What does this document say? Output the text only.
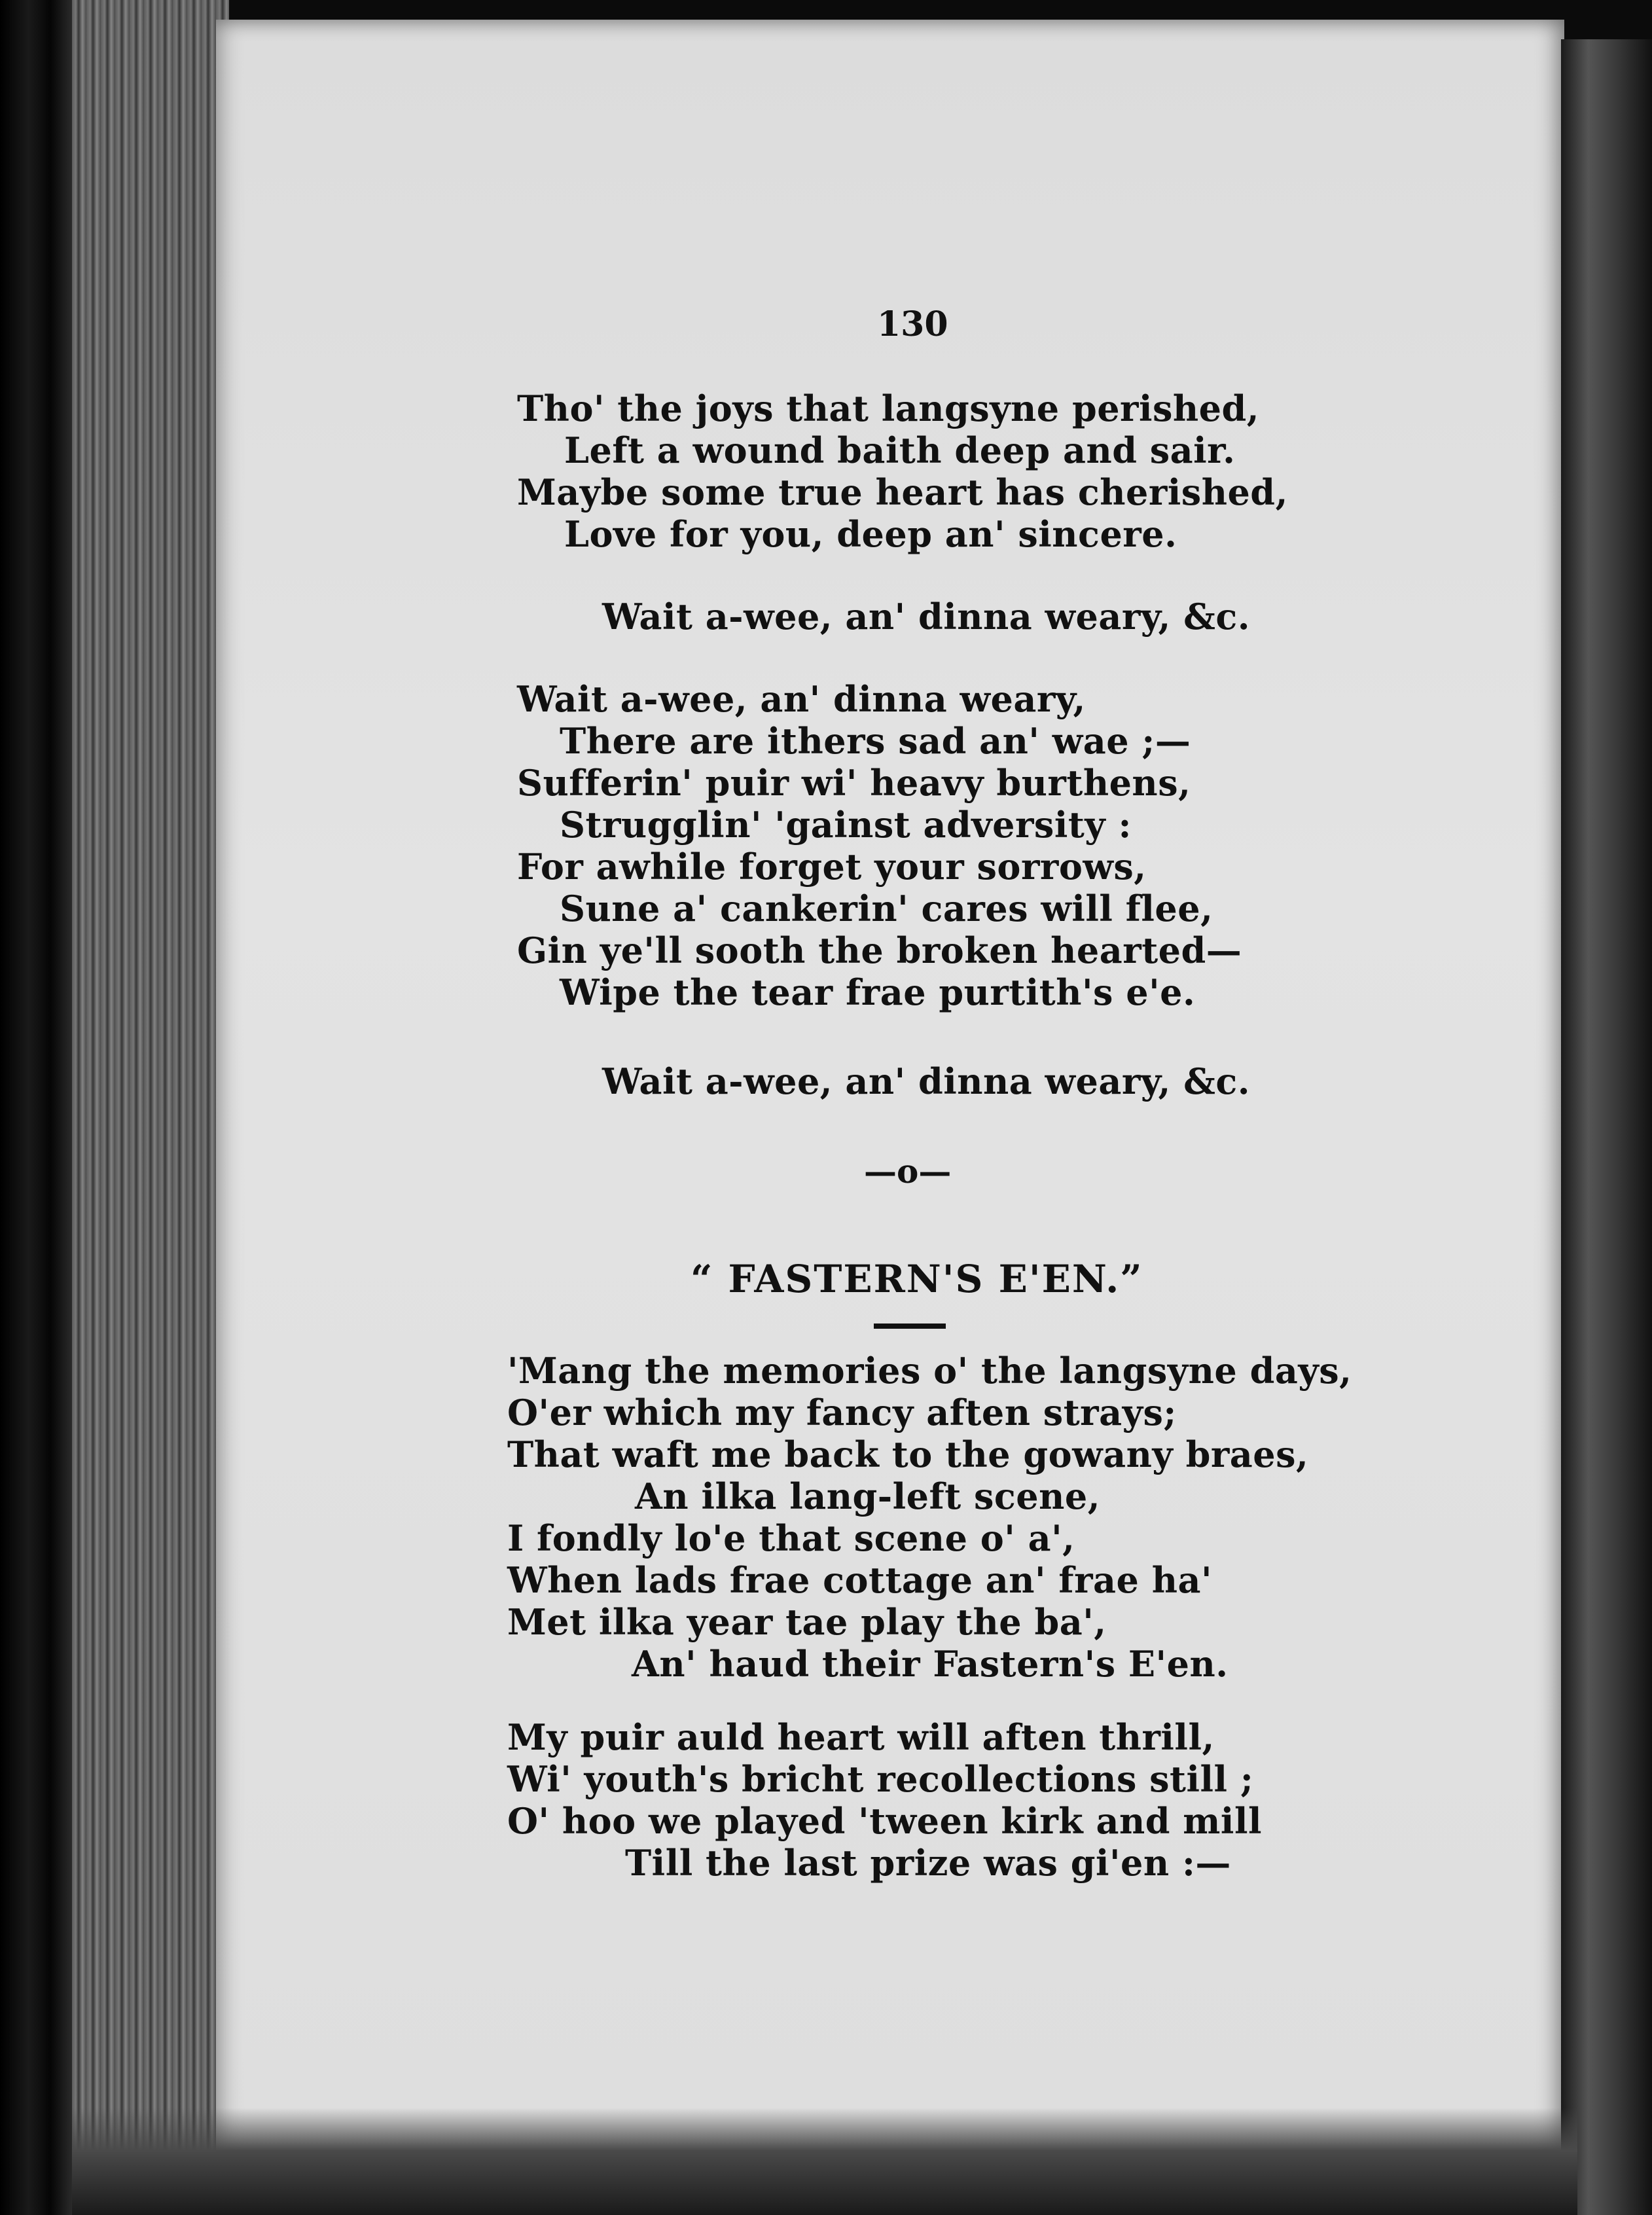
130
Tho' the joys that langsyne perished,
Left a wound baith deep and sair.
Maybe some true heart has cherished,
Love for you, deep an' sincere.
Wait a-wee, an' dinna weary, &c.
Wait a-wee, an' dinna weary,
There are ithers sad an' wae ;—
Sufferin' puir wi' heavy burthens,
Strugglin' 'gainst adversity :
For awhile forget your sorrows,
Sune a' cankerin' cares will flee,
Gin ye'll sooth the broken hearted—
Wipe the tear frae purtith's e'e.
Wait a-wee, an' dinna weary, &c.
—o—
“ FASTERN'S E'EN.”
'Mang the memories o' the langsyne days,
O'er which my fancy aften strays;
That waft me back to the gowany braes,
An ilka lang-left scene,
I fondly lo'e that scene o' a',
When lads frae cottage an' frae ha'
Met ilka year tae play the ba',
An' haud their Fastern's E'en.
My puir auld heart will aften thrill,
Wi' youth's bricht recollections still ;
O' hoo we played 'tween kirk and mill
Till the last prize was gi'en :—
